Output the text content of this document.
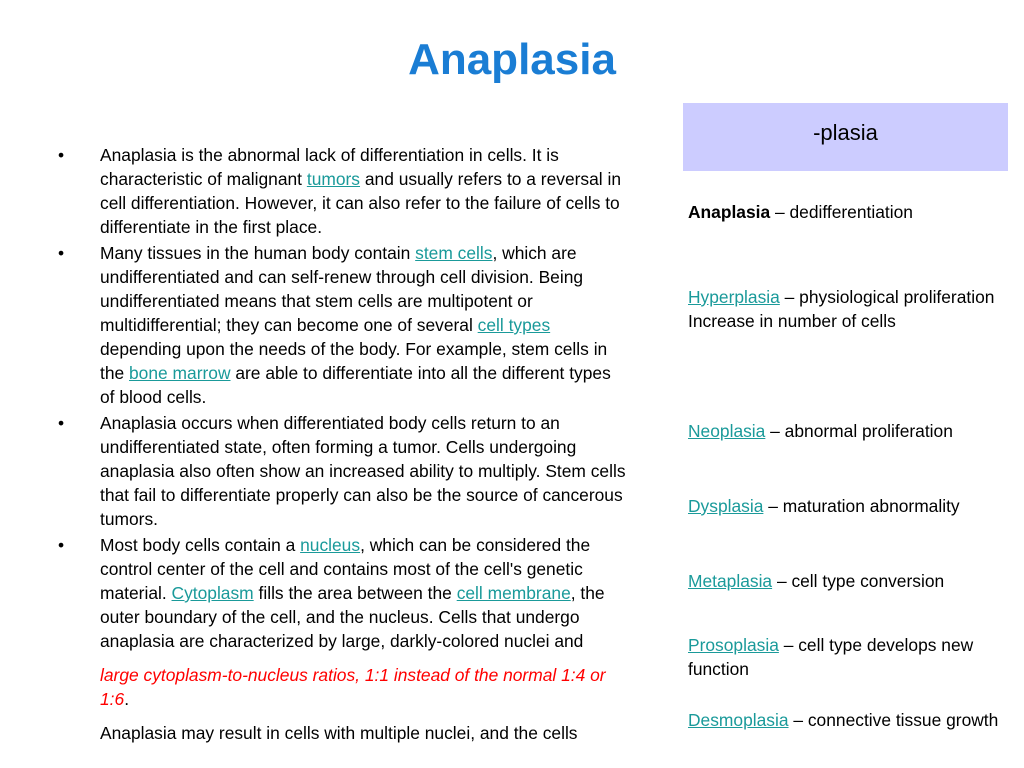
Anaplasia
• Anaplasia is the abnormal lack of differentiation in cells. It is characteristic of malignant tumors and usually refers to a reversal in cell differentiation. However, it can also refer to the failure of cells to differentiate in the first place.
• Many tissues in the human body contain stem cells, which are undifferentiated and can self-renew through cell division. Being undifferentiated means that stem cells are multipotent or multidifferential; they can become one of several cell types depending upon the needs of the body. For example, stem cells in the bone marrow are able to differentiate into all the different types of blood cells.
• Anaplasia occurs when differentiated body cells return to an undifferentiated state, often forming a tumor. Cells undergoing anaplasia also often show an increased ability to multiply. Stem cells that fail to differentiate properly can also be the source of cancerous tumors.
• Most body cells contain a nucleus, which can be considered the control center of the cell and contains most of the cell's genetic material. Cytoplasm fills the area between the cell membrane, the outer boundary of the cell, and the nucleus. Cells that undergo anaplasia are characterized by large, darkly-colored nuclei and
large cytoplasm-to-nucleus ratios, 1:1 instead of the normal 1:4 or 1:6.
Anaplasia may result in cells with multiple nuclei, and the cells
-plasia
Anaplasia – dedifferentiation
Hyperplasia – physiological proliferation Increase in number of cells
Neoplasia – abnormal proliferation
Dysplasia – maturation abnormality
Metaplasia – cell type conversion
Prosoplasia – cell type develops new function
Desmoplasia – connective tissue growth
